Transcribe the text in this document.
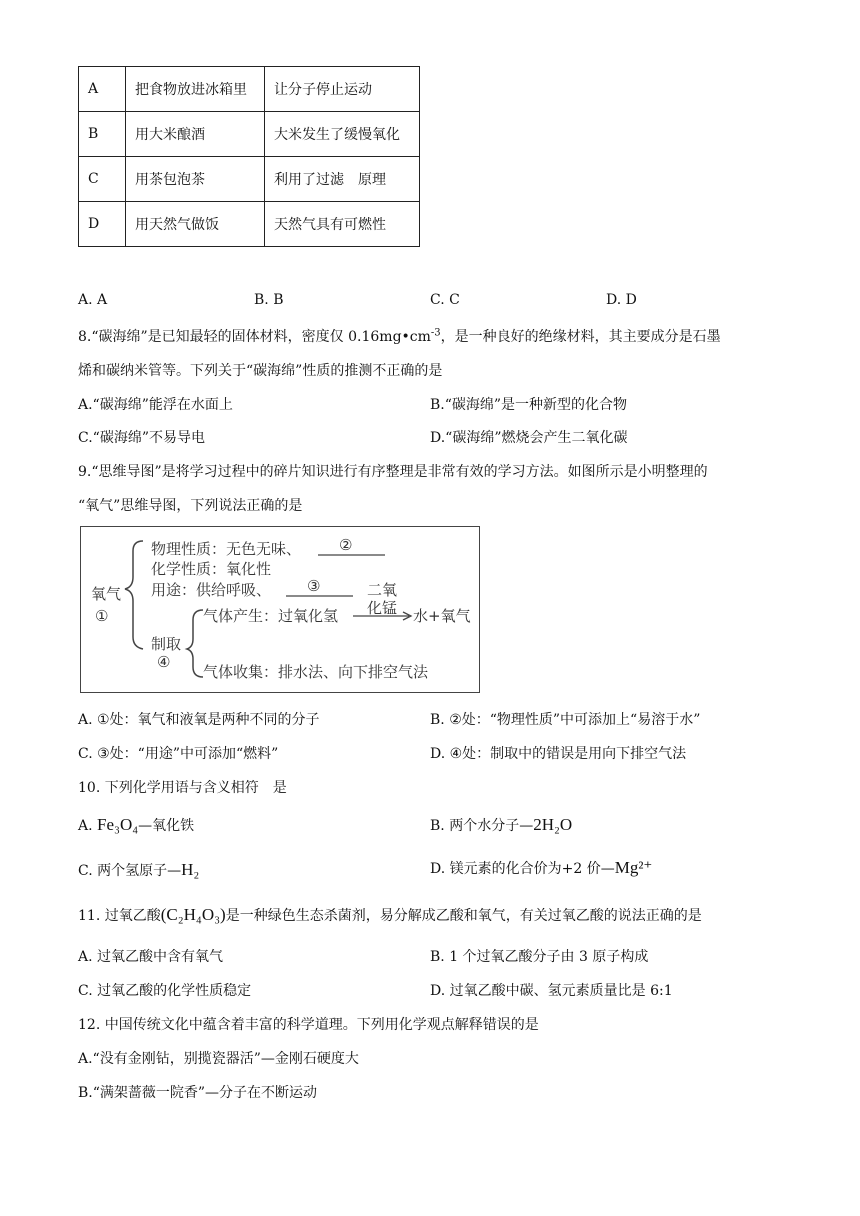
A	把食物放进冰箱里	让分子停止运动
B	用大米酿酒	大米发生了缓慢氧化
C	用茶包泡茶	利用了过滤　原理
D	用天然气做饭	天然气具有可燃性
A. A	B. B	C. C	D. D
8.“碳海绵”是已知最轻的固体材料，密度仅 $0.16mg•cm^{-3}$，是一种良好的绝缘材料，其主要成分是石墨
烯和碳纳米管等。下列关于“碳海绵”性质的推测不正确的是
A.“碳海绵”能浮在水面上	B.“碳海绵”是一种新型的化合物
C.“碳海绵”不易导电	D.“碳海绵”燃烧会产生二氧化碳
9.“思维导图”是将学习过程中的碎片知识进行有序整理是非常有效的学习方法。如图所示是小明整理的
“氧气”思维导图，下列说法正确的是
氧气
①
物理性质：无色无味、	②
化学性质：氧化性
用途：供给呼吸、 ③	二氧
气体产生：过氧化氢 化锰 水+氧气
制取
④
气体收集：排水法、向下排空气法
A. ①处：氧气和液氧是两种不同的分子	B. ②处：“物理性质”中可添加上“易溶于水”
C. ③处：“用途”中可添加“燃料”	D. ④处：制取中的错误是用向下排空气法
10. 下列化学用语与含义相符　是
A. Fe₃O₄—氧化铁	B. 两个水分子—2H₂O
C. 两个氢原子—H₂	D. 镁元素的化合价为+2 价—Mg²⁺
11. 过氧乙酸(C₂H₄O₃)是一种绿色生态杀菌剂，易分解成乙酸和氧气，有关过氧乙酸的说法正确的是
A. 过氧乙酸中含有氧气	B. 1 个过氧乙酸分子由 3 原子构成
C. 过氧乙酸的化学性质稳定	D. 过氧乙酸中碳、氢元素质量比是 6:1
12. 中国传统文化中蕴含着丰富的科学道理。下列用化学观点解释错误的是
A.“没有金刚钻，别揽瓷器活”—金刚石硬度大
B.“满架蔷薇一院香”—分子在不断运动
